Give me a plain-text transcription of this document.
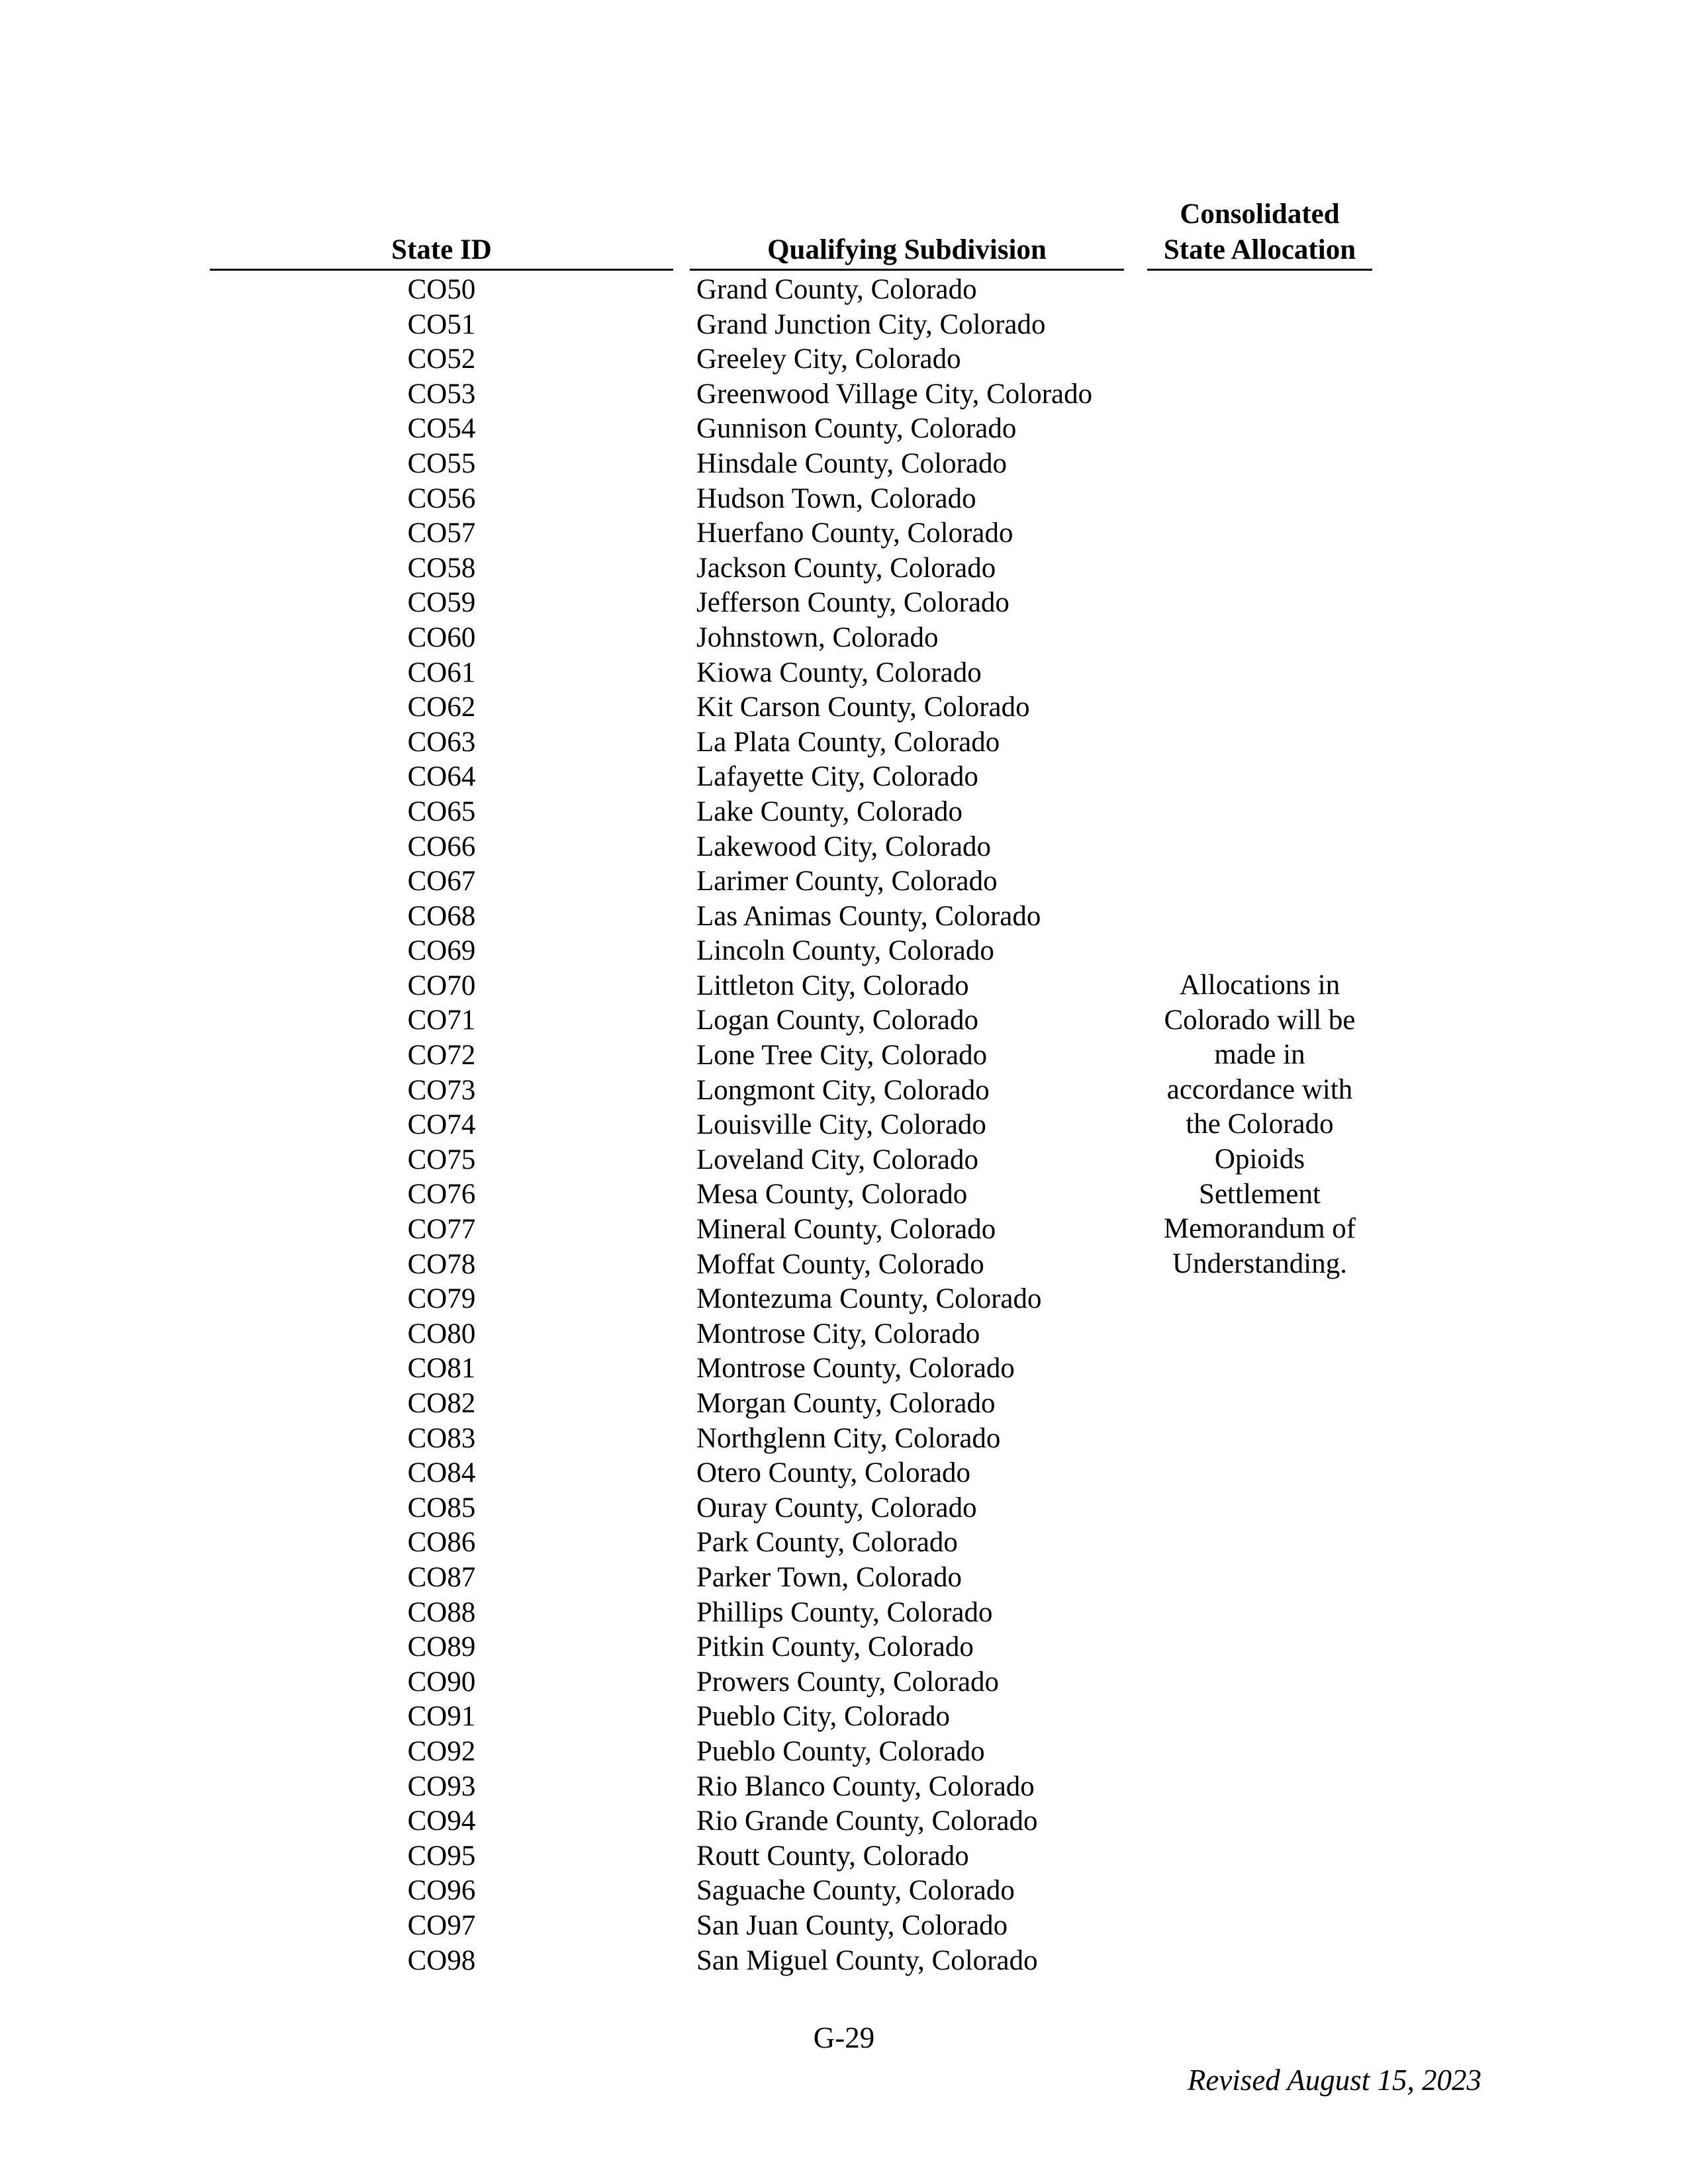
State ID	Qualifying Subdivision
Consolidated
State Allocation
CO50
CO51
CO52
CO53
CO54
CO55
CO56
CO57
CO58
CO59
CO60
CO61
CO62
CO63
CO64
CO65
CO66
CO67
CO68
CO69
CO70
CO71
CO72
CO73
CO74
CO75
CO76
CO77
CO78
CO79
CO80
CO81
CO82
CO83
CO84
CO85
CO86
CO87
CO88
CO89
CO90
CO91
CO92
CO93
CO94
CO95
CO96
CO97
CO98
Grand County, Colorado
Grand Junction City, Colorado
Greeley City, Colorado
Greenwood Village City, Colorado
Gunnison County, Colorado
Hinsdale County, Colorado
Hudson Town, Colorado
Huerfano County, Colorado
Jackson County, Colorado
Jefferson County, Colorado
Johnstown, Colorado
Kiowa County, Colorado
Kit Carson County, Colorado
La Plata County, Colorado
Lafayette City, Colorado
Lake County, Colorado
Lakewood City, Colorado
Larimer County, Colorado
Las Animas County, Colorado
Lincoln County, Colorado
Littleton City, Colorado
Logan County, Colorado
Lone Tree City, Colorado
Longmont City, Colorado
Louisville City, Colorado
Loveland City, Colorado
Mesa County, Colorado
Mineral County, Colorado
Moffat County, Colorado
Montezuma County, Colorado
Montrose City, Colorado
Montrose County, Colorado
Morgan County, Colorado
Northglenn City, Colorado
Otero County, Colorado
Ouray County, Colorado
Park County, Colorado
Parker Town, Colorado
Phillips County, Colorado
Pitkin County, Colorado
Prowers County, Colorado
Pueblo City, Colorado
Pueblo County, Colorado
Rio Blanco County, Colorado
Rio Grande County, Colorado
Routt County, Colorado
Saguache County, Colorado
San Juan County, Colorado
San Miguel County, Colorado
Allocations in
Colorado will be
made in
accordance with
the Colorado
Opioids
Settlement
Memorandum of
Understanding.
G-29
Revised August 15, 2023
